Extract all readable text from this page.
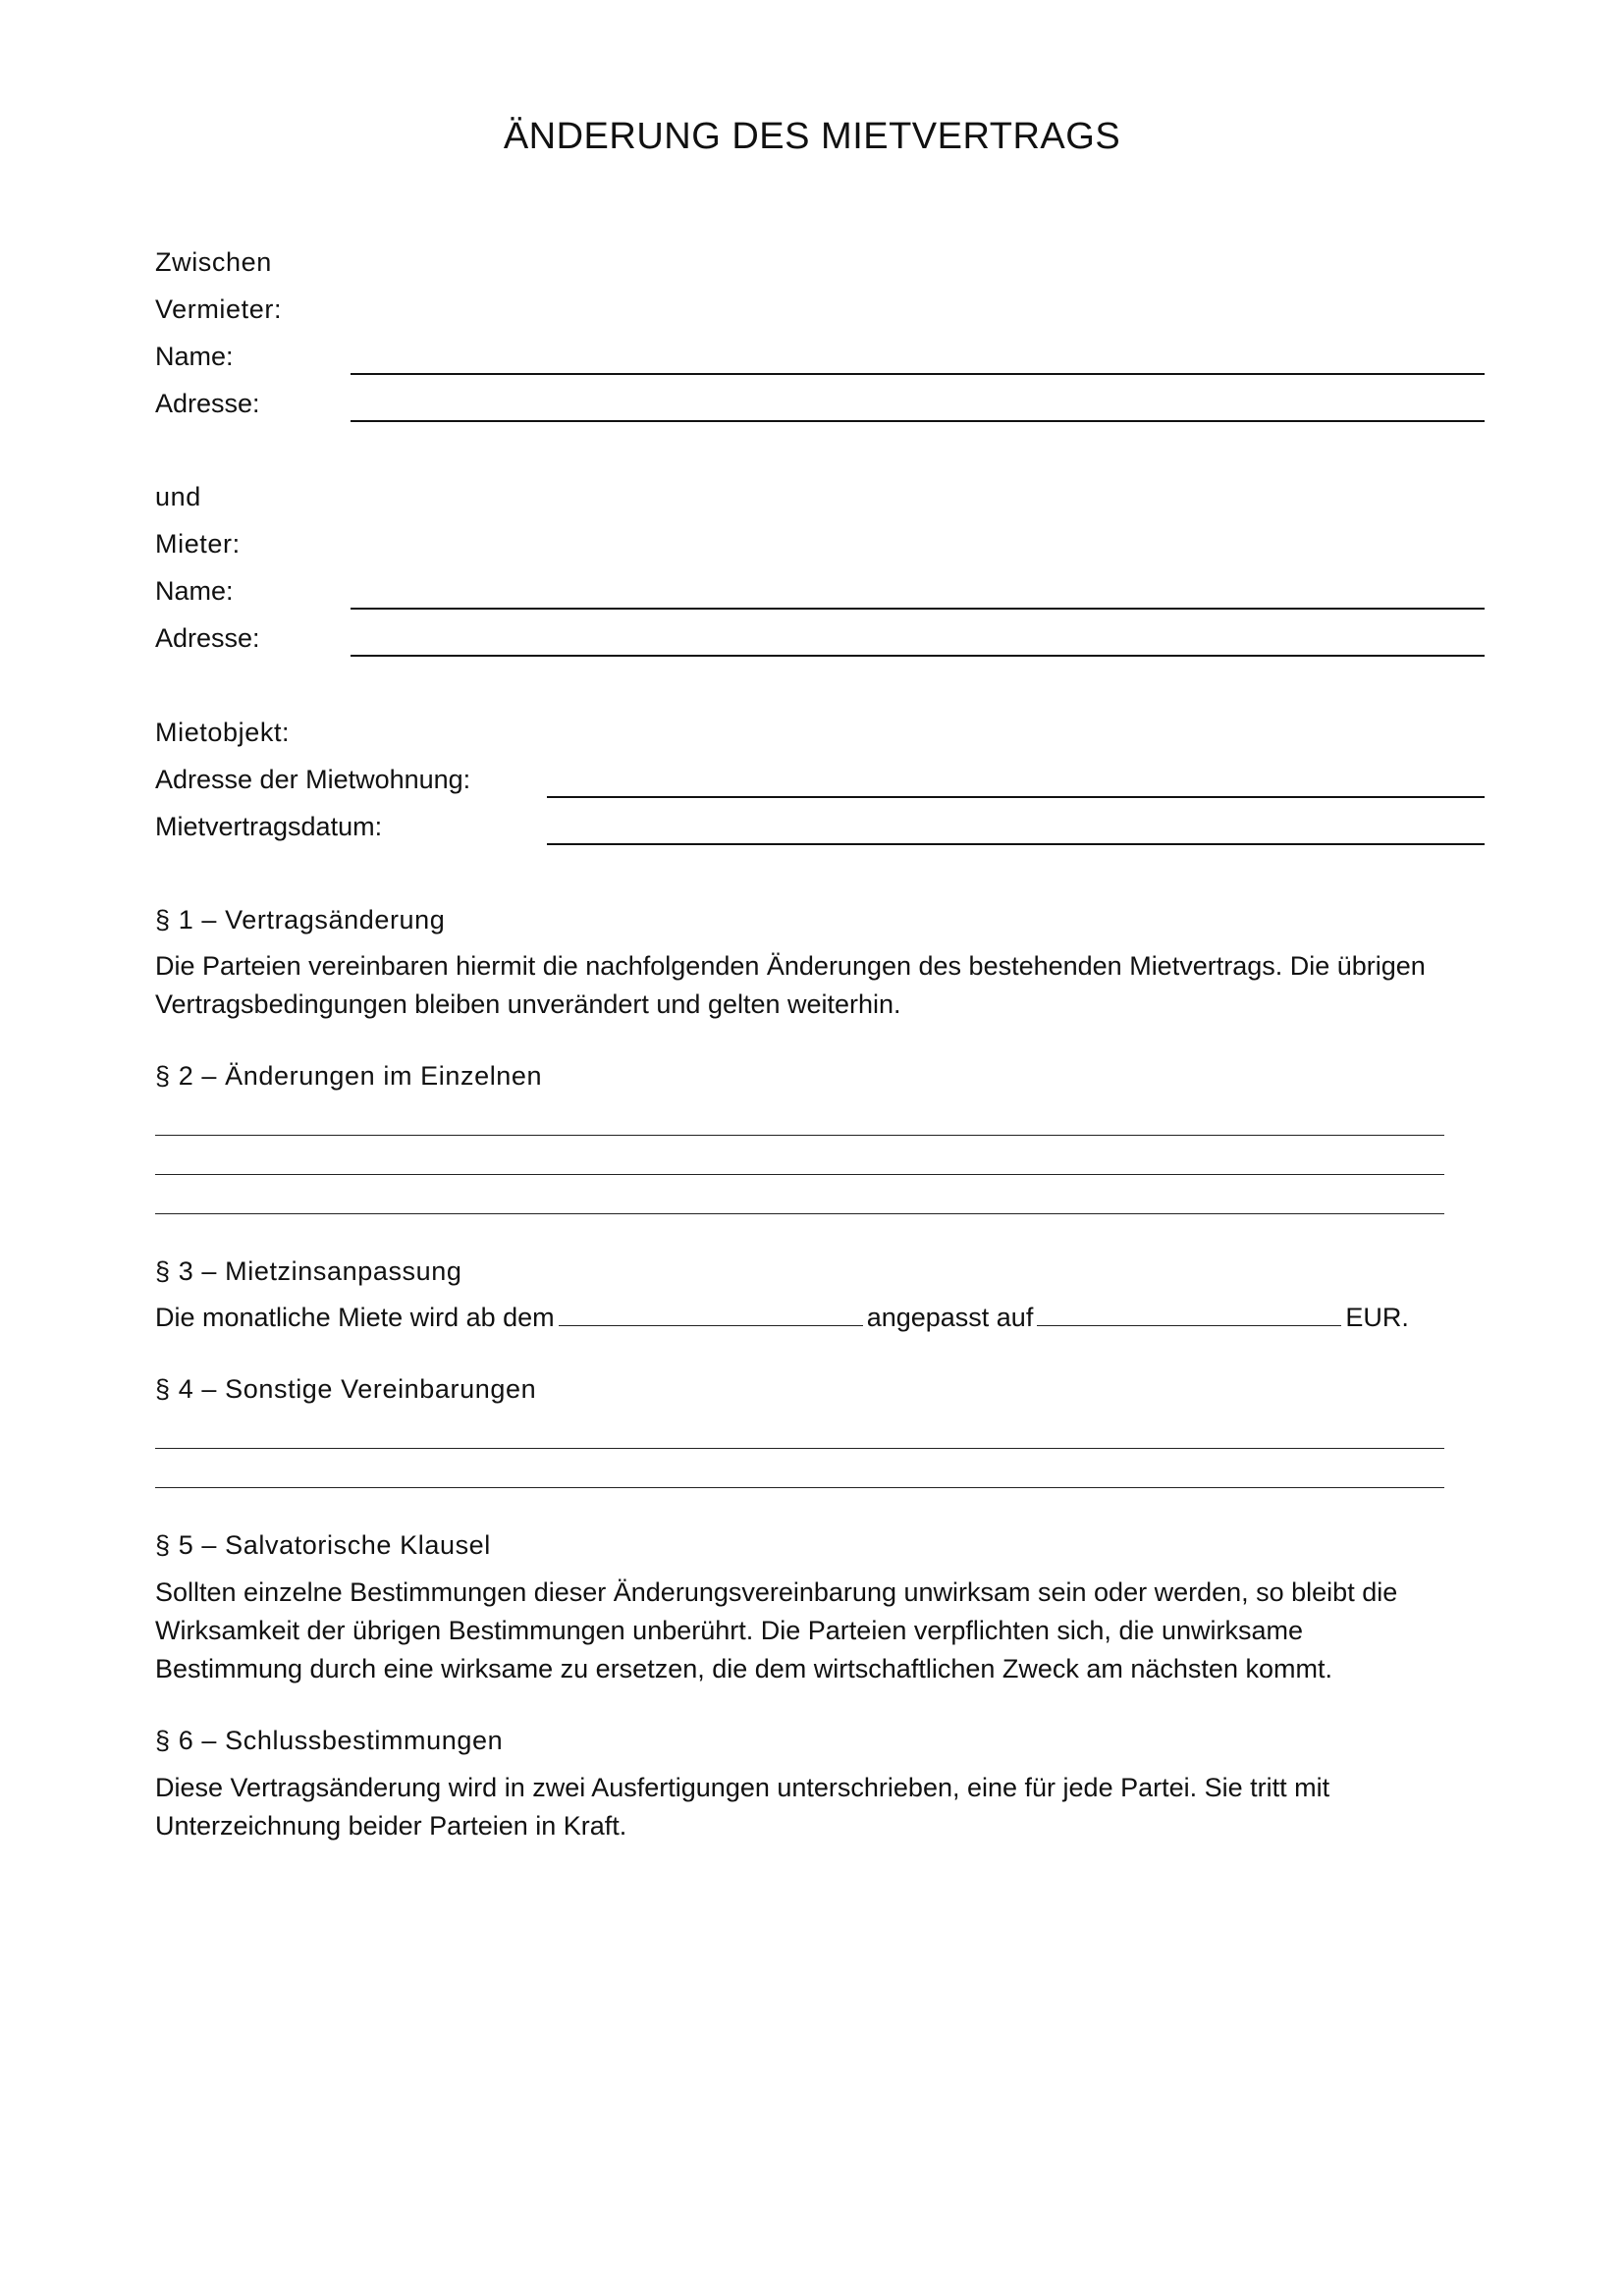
ÄNDERUNG DES MIETVERTRAGS
Zwischen
Vermieter:
Name:
Adresse:
und
Mieter:
Name:
Adresse:
Mietobjekt:
Adresse der Mietwohnung:
Mietvertragsdatum:
§ 1 – Vertragsänderung
Die Parteien vereinbaren hiermit die nachfolgenden Änderungen des bestehenden Mietvertrags. Die übrigen
Vertragsbedingungen bleiben unverändert und gelten weiterhin.
§ 2 – Änderungen im Einzelnen
§ 3 – Mietzinsanpassung
Die monatliche Miete wird ab dem	angepasst auf	EUR.
§ 4 – Sonstige Vereinbarungen
§ 5 – Salvatorische Klausel
Sollten einzelne Bestimmungen dieser Änderungsvereinbarung unwirksam sein oder werden, so bleibt die
Wirksamkeit der übrigen Bestimmungen unberührt. Die Parteien verpflichten sich, die unwirksame
Bestimmung durch eine wirksame zu ersetzen, die dem wirtschaftlichen Zweck am nächsten kommt.
§ 6 – Schlussbestimmungen
Diese Vertragsänderung wird in zwei Ausfertigungen unterschrieben, eine für jede Partei. Sie tritt mit
Unterzeichnung beider Parteien in Kraft.
